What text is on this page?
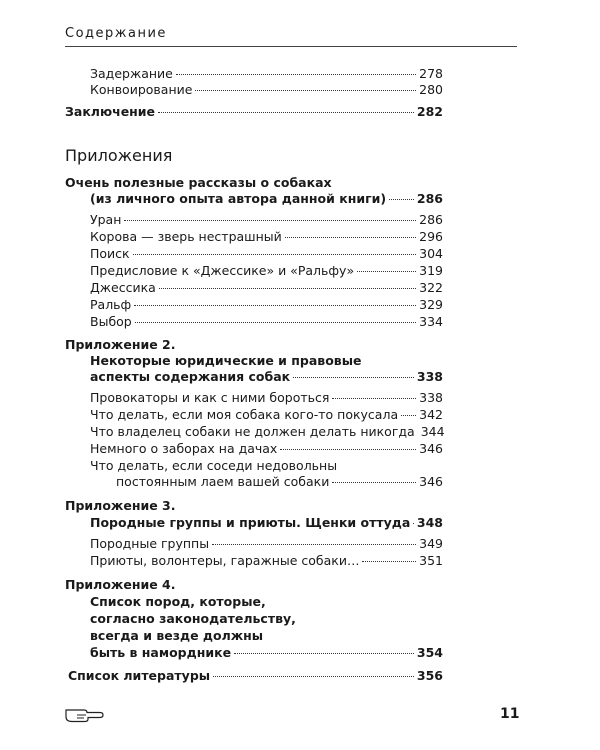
Содержание
Задержание	278
Конвоирование	280
Заключение	282
Приложения
Очень полезные рассказы о собаках
(из личного опыта автора данной книги) 286
Уран	286
Корова — зверь нестрашный	296
Поиск	304
Предисловие к «Джессике» и «Ральфу»	319
Джессика	322
Ральф	329
Выбор	334
Приложение 2.
Некоторые юридические и правовые
аспекты содержания собак	338
Провокаторы и как с ними бороться	338
Что делать, если моя собака кого-то покусала 342
Что владелец собаки не должен делать никогда 344
Немного о заборах на дачах	346
Что делать, если соседи недовольны
постоянным лаем вашей собаки	346
Приложение 3.
Породные группы и приюты. Щенки оттуда 348
Породные группы	349
Приюты, волонтеры, гаражные собаки…	351
Приложение 4.
Список пород, которые,
согласно законодательству,
всегда и везде должны
быть в наморднике	354
Список литературы	356
11
